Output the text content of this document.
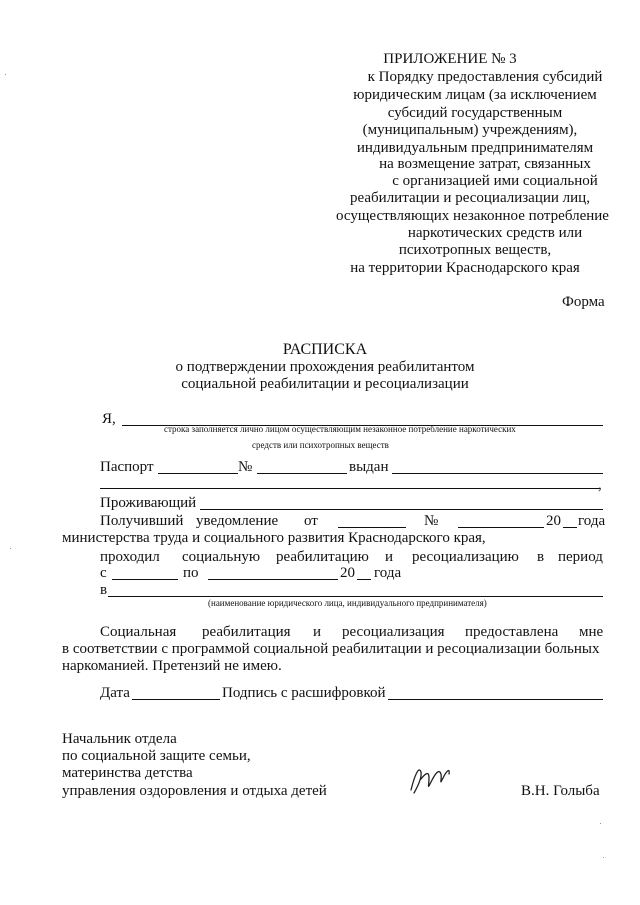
ПРИЛОЖЕНИЕ № 3
к Порядку предоставления субсидий
юридическим лицам (за исключением
субсидий государственным
(муниципальным) учреждениям),
индивидуальным предпринимателям
на возмещение затрат, связанных
с организацией ими социальной
реабилитации и ресоциализации лиц,
осуществляющих незаконное потребление
наркотических средств или
психотропных веществ,
на территории Краснодарского края
Форма
РАСПИСКА
о подтверждении прохождения реабилитантом
социальной реабилитации и ресоциализации
Я,
строка заполняется лично лицом осуществляющим незаконное потребление наркотических
средств или психотропных веществ
Паспорт	№	выдан
,
Проживающий
Получивший уведомление от	№	20 года
министерства труда и социального развития Краснодарского края,
проходил социальную реабилитацию и ресоциализацию в период
с	по	20 года
в
(наименование юридического лица, индивидуального предпринимателя)
Социальная реабилитация и ресоциализация предоставлена мне
в соответствии с программой социальной реабилитации и ресоциализации больных
наркоманией. Претензий не имею.
Дата	Подпись с расшифровкой
Начальник отдела
по социальной защите семьи,
материнства детства
управления оздоровления и отдыха детей	В.Н. Голыба
